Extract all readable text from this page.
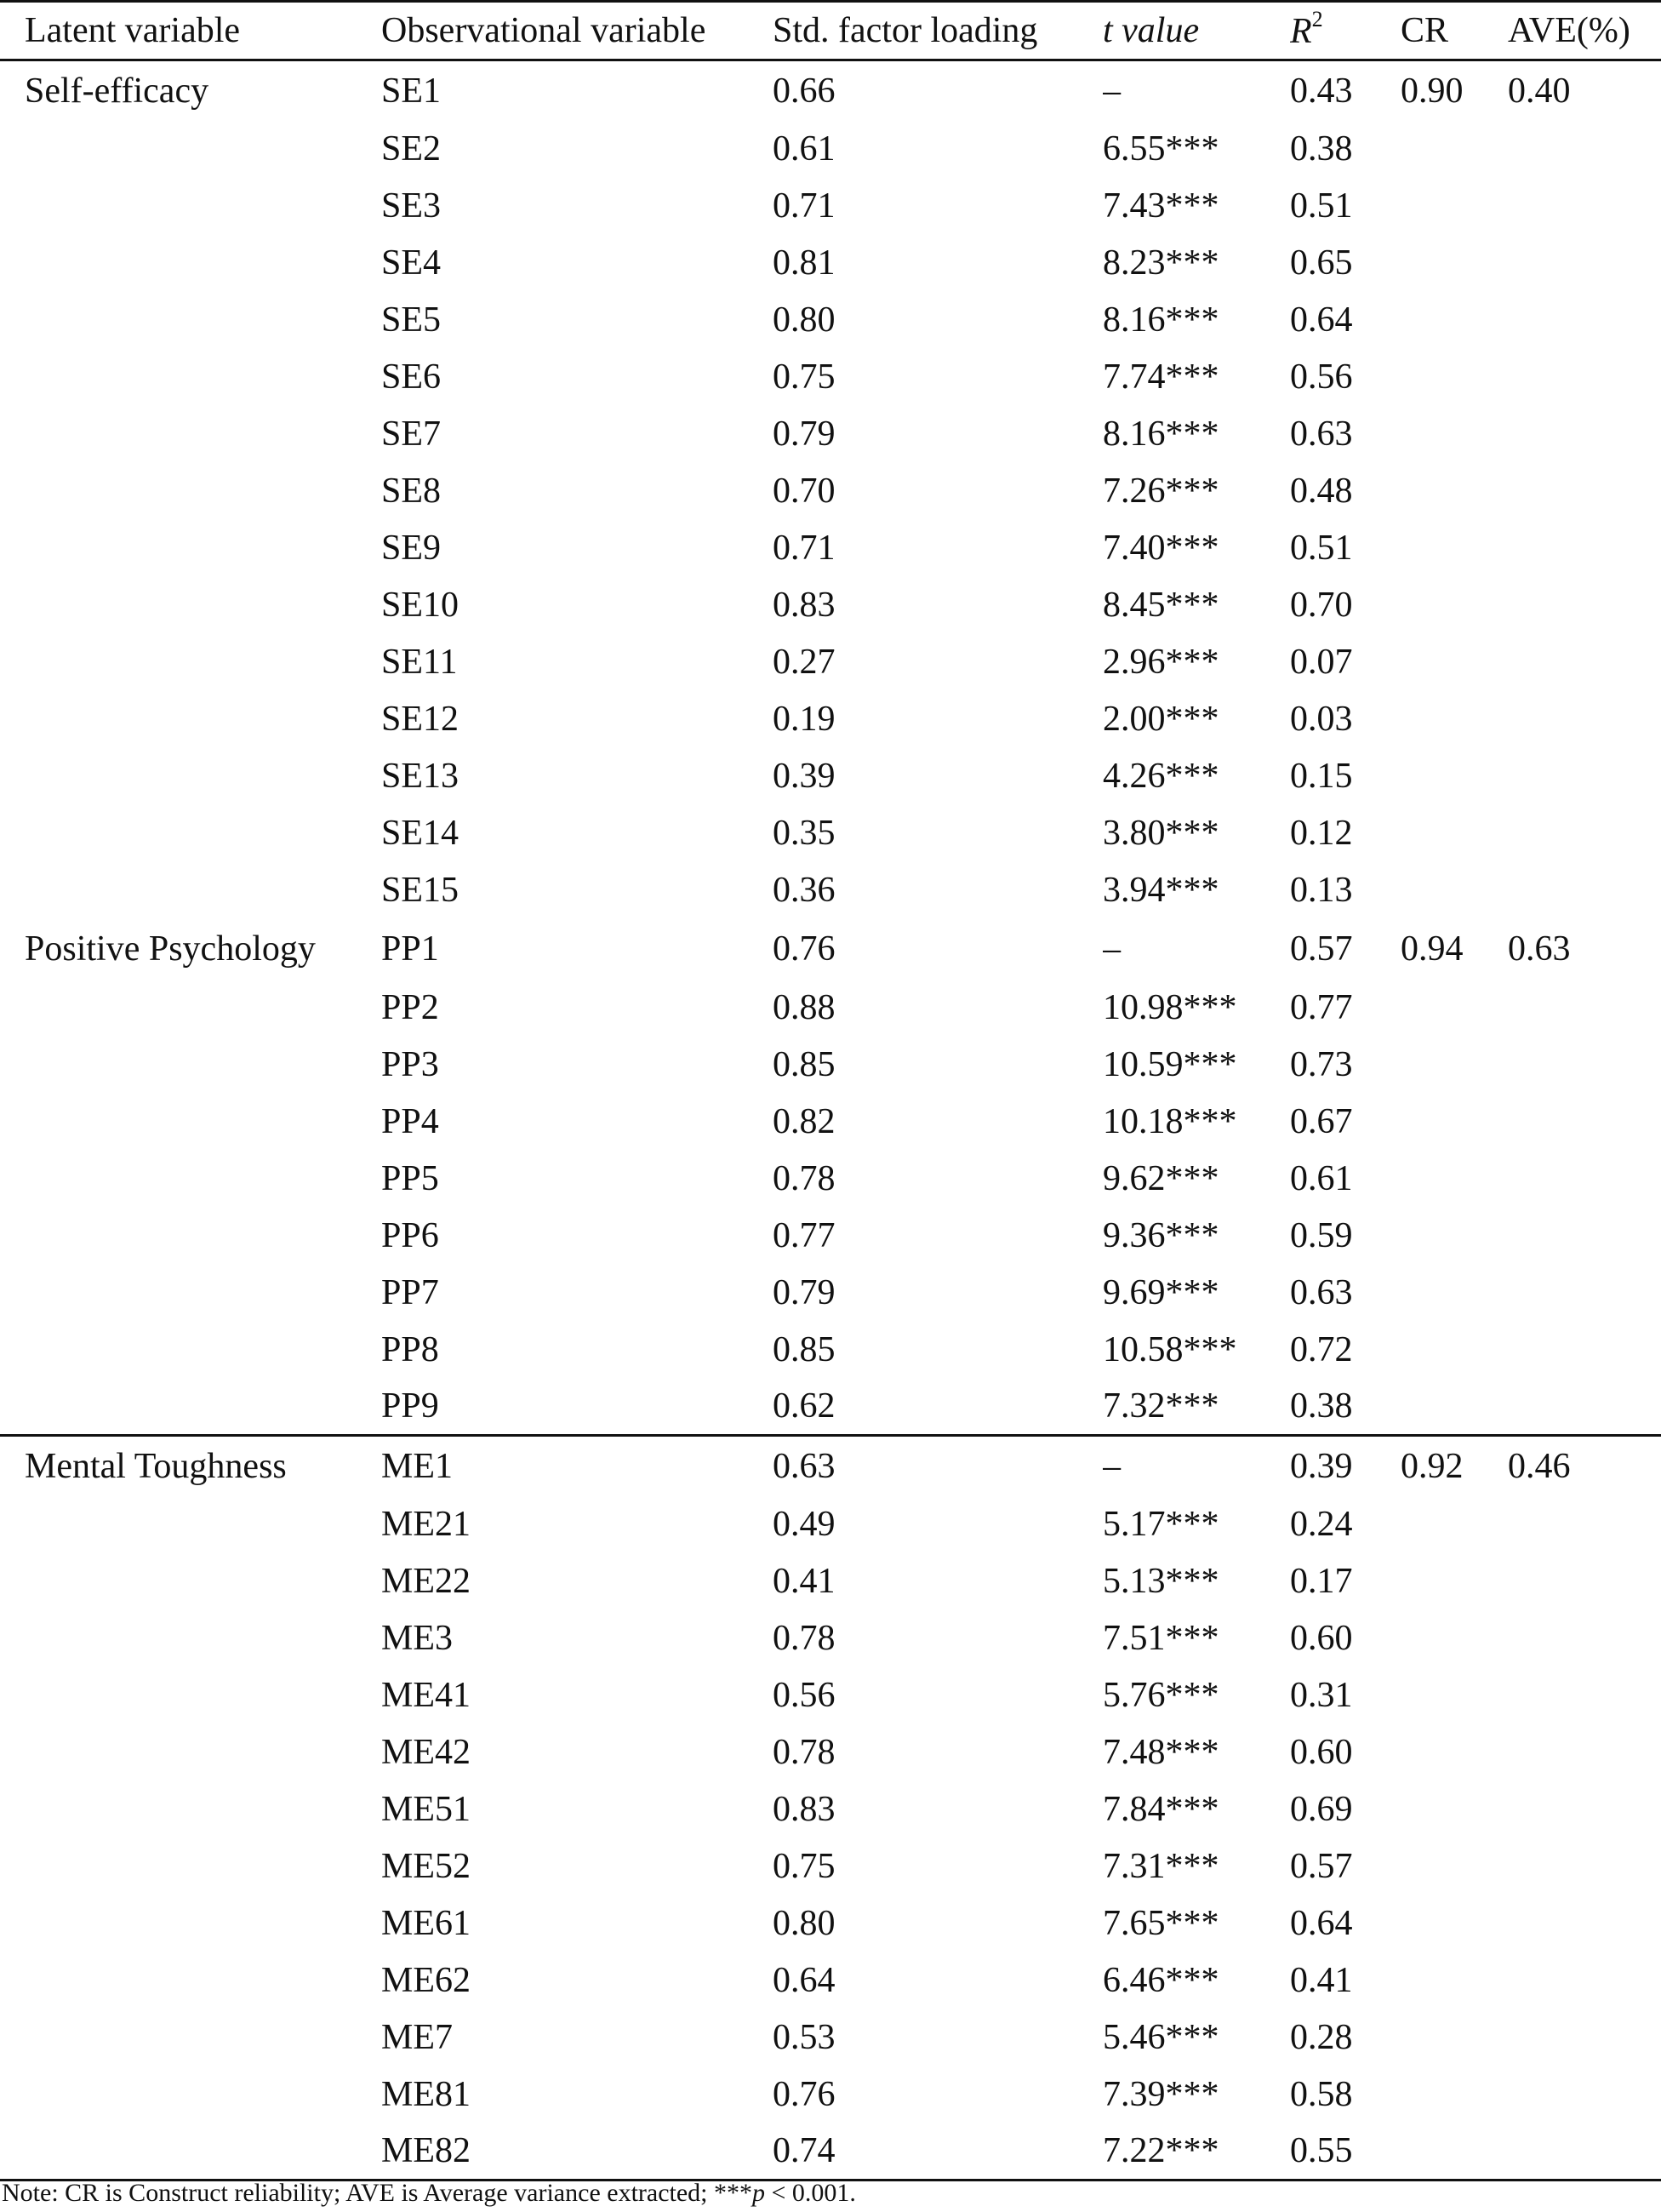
Latent variable	Observational variable	Std. factor loading	t value	$R^2$	CR	AVE(%)
Self-efficacy	SE1	0.66	–	0.43	0.90	0.40
	SE2	0.61	6.55***	0.38		
	SE3	0.71	7.43***	0.51		
	SE4	0.81	8.23***	0.65		
	SE5	0.80	8.16***	0.64		
	SE6	0.75	7.74***	0.56		
	SE7	0.79	8.16***	0.63		
	SE8	0.70	7.26***	0.48		
	SE9	0.71	7.40***	0.51		
	SE10	0.83	8.45***	0.70		
	SE11	0.27	2.96***	0.07		
	SE12	0.19	2.00***	0.03		
	SE13	0.39	4.26***	0.15		
	SE14	0.35	3.80***	0.12		
	SE15	0.36	3.94***	0.13		
Positive Psychology	PP1	0.76	–	0.57	0.94	0.63
	PP2	0.88	10.98***	0.77		
	PP3	0.85	10.59***	0.73		
	PP4	0.82	10.18***	0.67		
	PP5	0.78	9.62***	0.61		
	PP6	0.77	9.36***	0.59		
	PP7	0.79	9.69***	0.63		
	PP8	0.85	10.58***	0.72		
	PP9	0.62	7.32***	0.38		
Mental Toughness	ME1	0.63	–	0.39	0.92	0.46
	ME21	0.49	5.17***	0.24		
	ME22	0.41	5.13***	0.17		
	ME3	0.78	7.51***	0.60		
	ME41	0.56	5.76***	0.31		
	ME42	0.78	7.48***	0.60		
	ME51	0.83	7.84***	0.69		
	ME52	0.75	7.31***	0.57		
	ME61	0.80	7.65***	0.64		
	ME62	0.64	6.46***	0.41		
	ME7	0.53	5.46***	0.28		
	ME81	0.76	7.39***	0.58		
	ME82	0.74	7.22***	0.55		
Note: CR is Construct reliability; AVE is Average variance extracted; ***p < 0.001.
